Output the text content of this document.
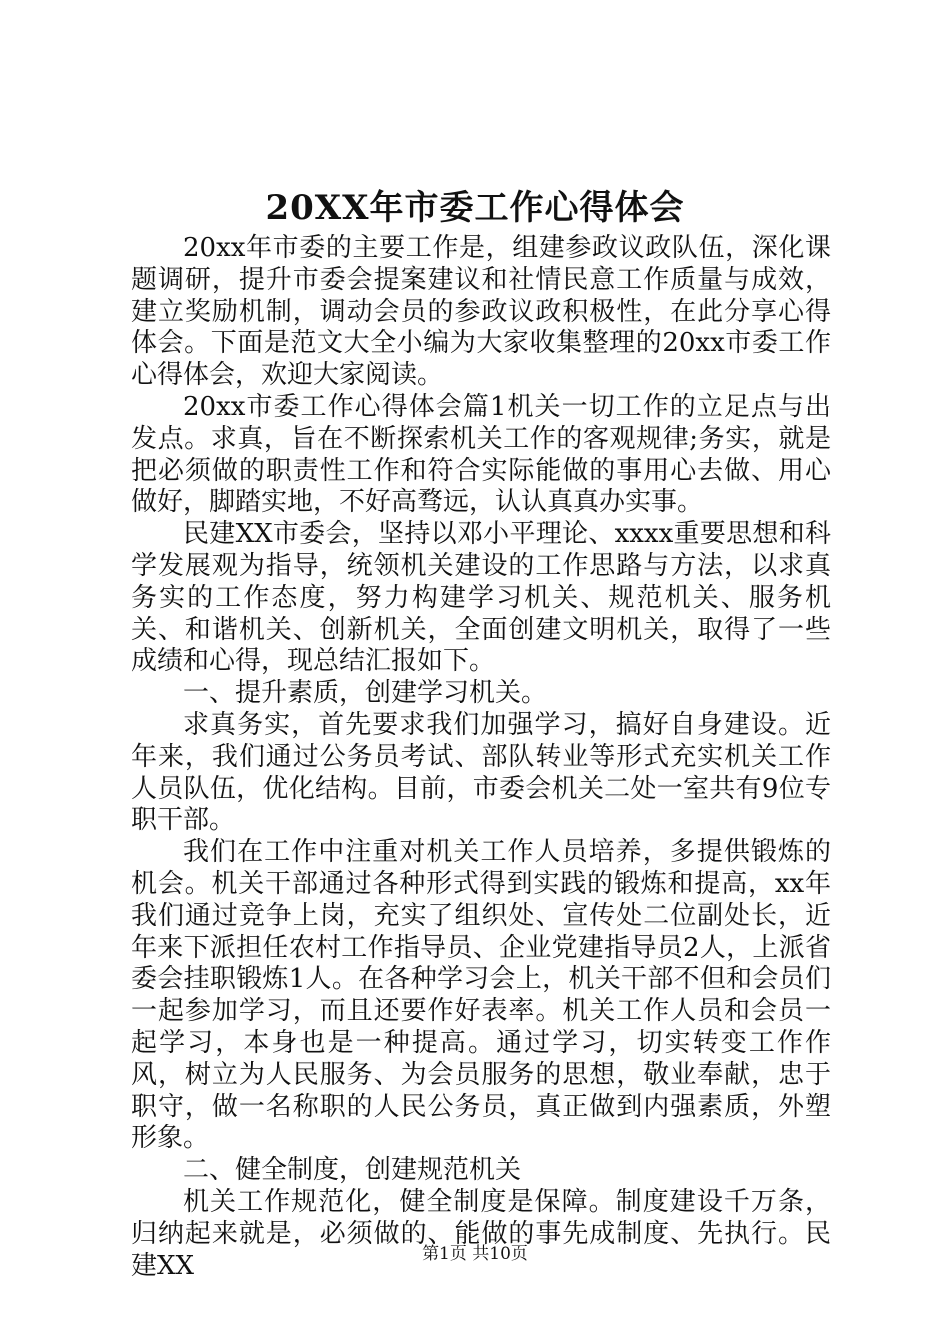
20XX年市委工作心得体会

20xx年市委的主要工作是，组建参政议政队伍，深化课题调研，提升市委会提案建议和社情民意工作质量与成效，建立奖励机制，调动会员的参政议政积极性，在此分享心得体会。下面是范文大全小编为大家收集整理的20xx市委工作心得体会，欢迎大家阅读。

20xx市委工作心得体会篇1机关一切工作的立足点与出发点。求真，旨在不断探索机关工作的客观规律;务实，就是把必须做的职责性工作和符合实际能做的事用心去做、用心做好，脚踏实地，不好高骛远，认认真真办实事。

民建XX市委会，坚持以邓小平理论、xxxx重要思想和科学发展观为指导，统领机关建设的工作思路与方法，以求真务实的工作态度，努力构建学习机关、规范机关、服务机关、和谐机关、创新机关，全面创建文明机关，取得了一些成绩和心得，现总结汇报如下。

一、提升素质，创建学习机关。

求真务实，首先要求我们加强学习，搞好自身建设。近年来，我们通过公务员考试、部队转业等形式充实机关工作人员队伍，优化结构。目前，市委会机关二处一室共有9位专职干部。

我们在工作中注重对机关工作人员培养，多提供锻炼的机会。机关干部通过各种形式得到实践的锻炼和提高，xx年我们通过竞争上岗，充实了组织处、宣传处二位副处长，近年来下派担任农村工作指导员、企业党建指导员2人，上派省委会挂职锻炼1人。在各种学习会上，机关干部不但和会员们一起参加学习，而且还要作好表率。机关工作人员和会员一起学习，本身也是一种提高。通过学习，切实转变工作作风，树立为人民服务、为会员服务的思想，敬业奉献，忠于职守，做一名称职的人民公务员，真正做到内强素质，外塑形象。

二、健全制度，创建规范机关

机关工作规范化，健全制度是保障。制度建设千万条，归纳起来就是，必须做的、能做的事先成制度、先执行。民建XX	第1页 共10页
